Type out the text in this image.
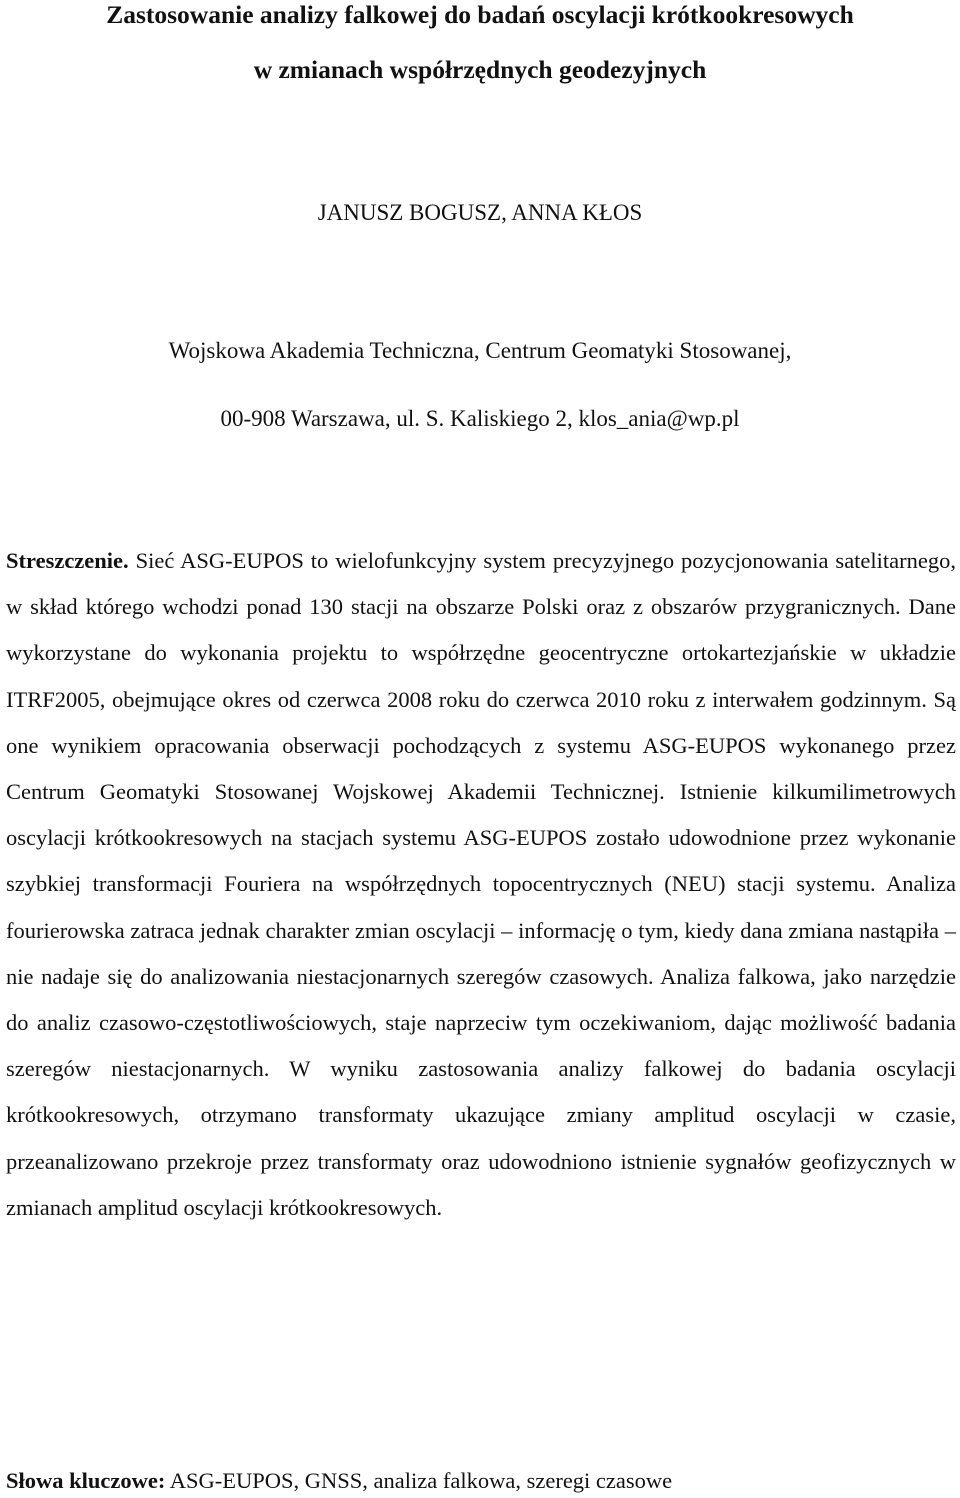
Zastosowanie analizy falkowej do badań oscylacji krótkookresowych
w zmianach współrzędnych geodezyjnych

JANUSZ BOGUSZ, ANNA KŁOS

Wojskowa Akademia Techniczna, Centrum Geomatyki Stosowanej,

00-908 Warszawa, ul. S. Kaliskiego 2, klos_ania@wp.pl

Streszczenie. Sieć ASG-EUPOS to wielofunkcyjny system precyzyjnego pozycjonowania satelitarnego, w skład którego wchodzi ponad 130 stacji na obszarze Polski oraz z obszarów przygranicznych. Dane wykorzystane do wykonania projektu to współrzędne geocentryczne ortokartezjańskie w układzie ITRF2005, obejmujące okres od czerwca 2008 roku do czerwca 2010 roku z interwałem godzinnym. Są one wynikiem opracowania obserwacji pochodzących z systemu ASG-EUPOS wykonanego przez Centrum Geomatyki Stosowanej Wojskowej Akademii Technicznej. Istnienie kilkumilimetrowych oscylacji krótkookresowych na stacjach systemu ASG-EUPOS zostało udowodnione przez wykonanie szybkiej transformacji Fouriera na współrzędnych topocentrycznych (NEU) stacji systemu. Analiza fourierowska zatraca jednak charakter zmian oscylacji – informację o tym, kiedy dana zmiana nastąpiła – nie nadaje się do analizowania niestacjonarnych szeregów czasowych. Analiza falkowa, jako narzędzie do analiz czasowo-częstotliwościowych, staje naprzeciw tym oczekiwaniom, dając możliwość badania szeregów niestacjonarnych. W wyniku zastosowania analizy falkowej do badania oscylacji krótkookresowych, otrzymano transformaty ukazujące zmiany amplitud oscylacji w czasie, przeanalizowano przekroje przez transformaty oraz udowodniono istnienie sygnałów geofizycznych w zmianach amplitud oscylacji krótkookresowych.

Słowa kluczowe: ASG-EUPOS, GNSS, analiza falkowa, szeregi czasowe
